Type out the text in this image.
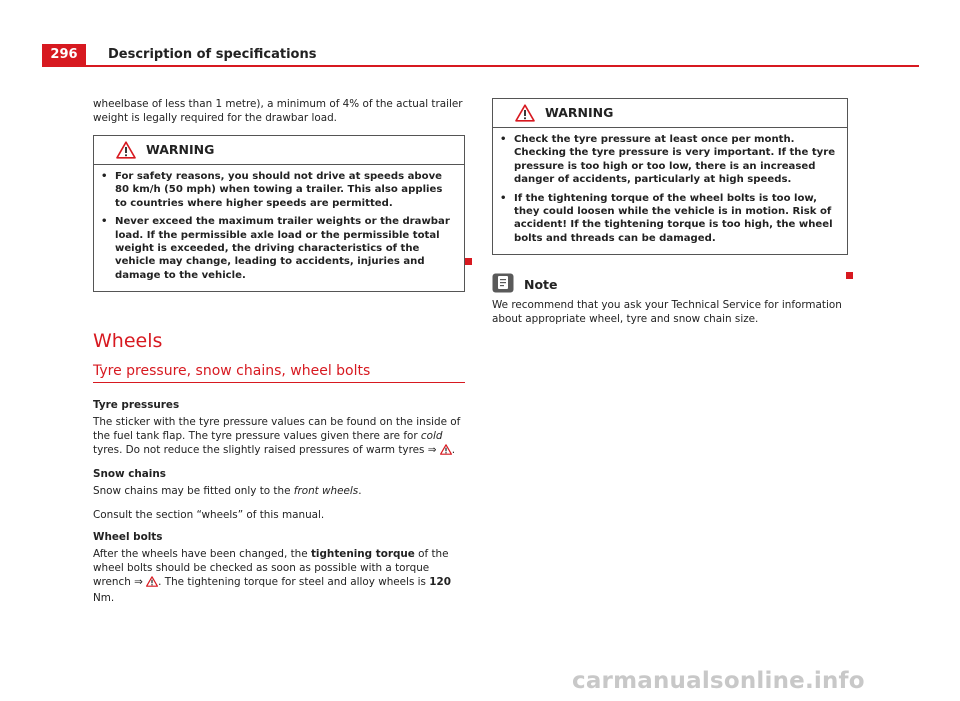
296	Description of specifications

wheelbase of less than 1 metre), a minimum of 4% of the actual trailer weight is legally required for the drawbar load.

WARNING
• For safety reasons, you should not drive at speeds above 80 km/h (50 mph) when towing a trailer. This also applies to countries where higher speeds are permitted.
• Never exceed the maximum trailer weights or the drawbar load. If the permissible axle load or the permissible total weight is exceeded, the driving characteristics of the vehicle may change, leading to accidents, injuries and damage to the vehicle.
Wheels
Tyre pressure, snow chains, wheel bolts
Tyre pressures

The sticker with the tyre pressure values can be found on the inside of the fuel tank flap. The tyre pressure values given there are for cold tyres. Do not reduce the slightly raised pressures of warm tyres ⇒ .

Snow chains

Snow chains may be fitted only to the front wheels.

Consult the section “wheels” of this manual.

Wheel bolts

After the wheels have been changed, the tightening torque of the wheel bolts should be checked as soon as possible with a torque wrench ⇒ . The tightening torque for steel and alloy wheels is 120 Nm.

WARNING
• Check the tyre pressure at least once per month. Checking the tyre pressure is very important. If the tyre pressure is too high or too low, there is an increased danger of accidents, particularly at high speeds.
• If the tightening torque of the wheel bolts is too low, they could loosen while the vehicle is in motion. Risk of accident! If the tightening torque is too high, the wheel bolts and threads can be damaged.
Note

We recommend that you ask your Technical Service for information about appropriate wheel, tyre and snow chain size.

carmanualsonline.info
